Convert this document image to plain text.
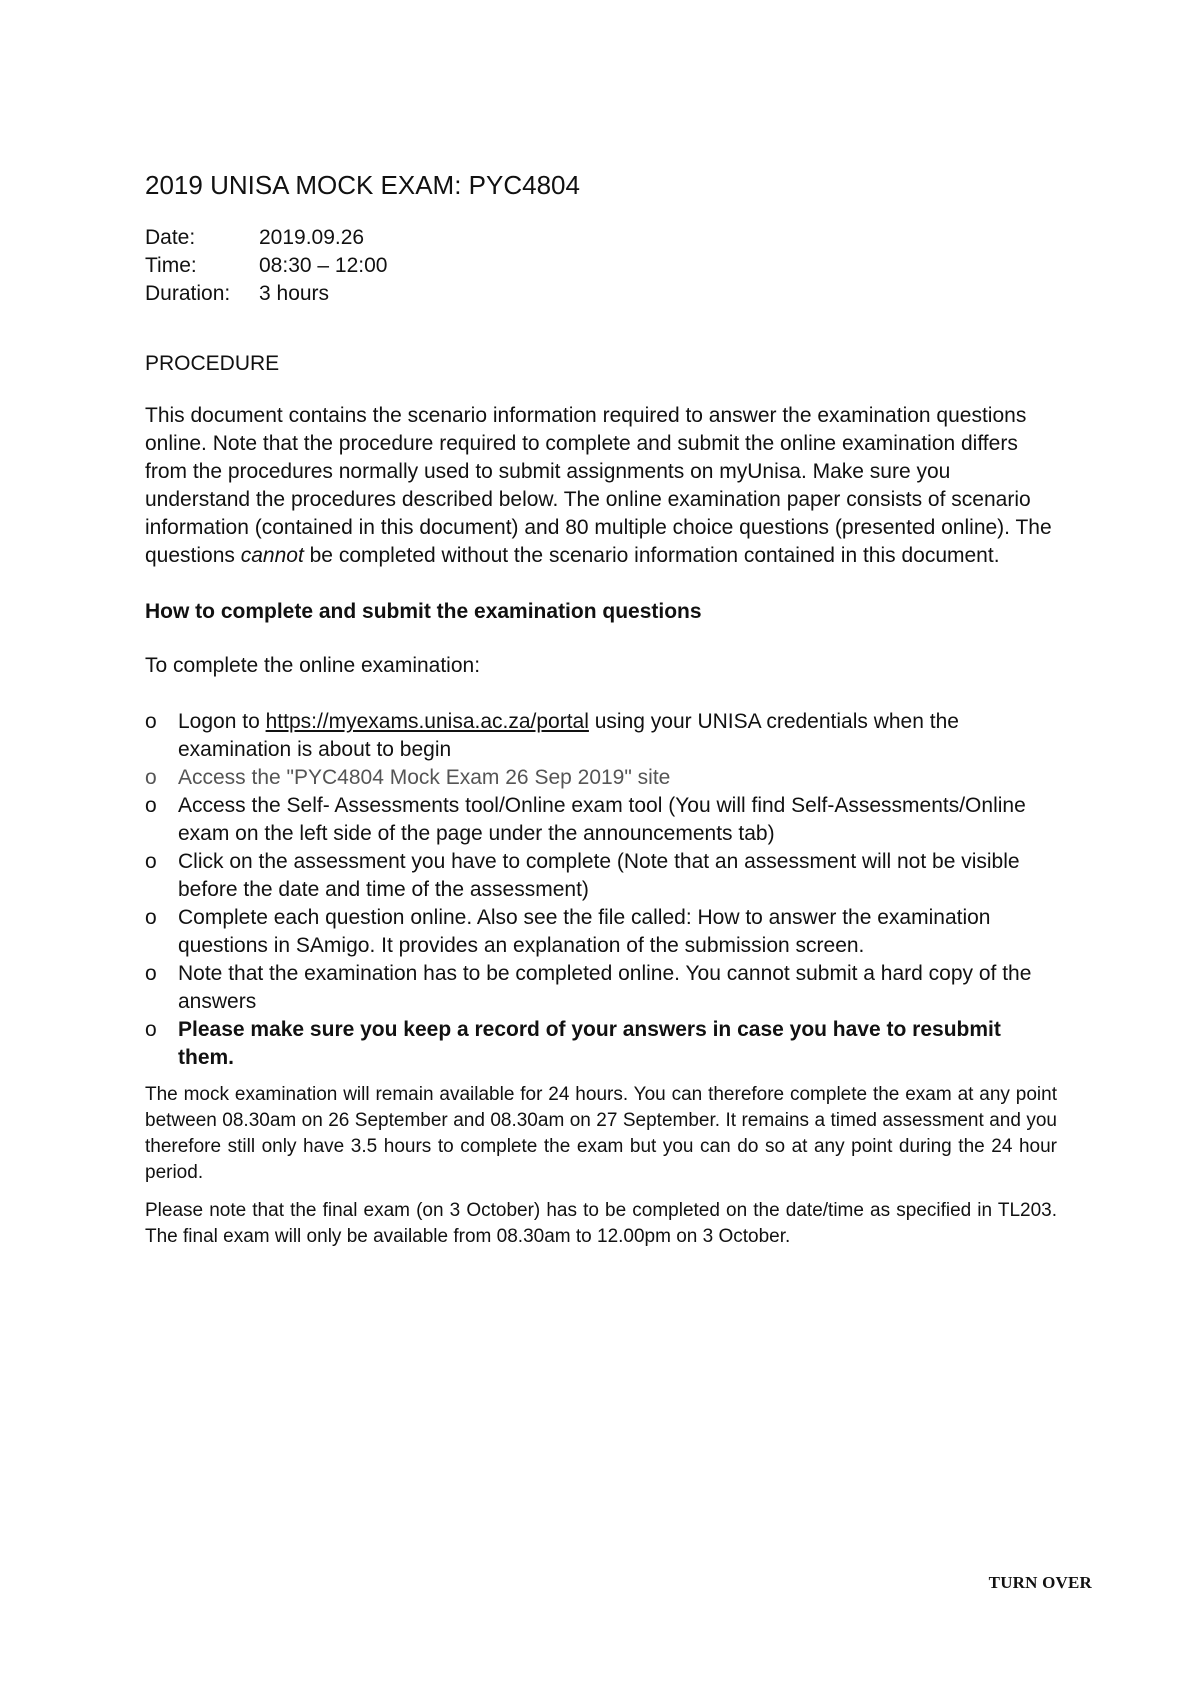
2019 UNISA MOCK EXAM: PYC4804
Date:	2019.09.26
Time:	08:30 – 12:00
Duration:	3 hours
PROCEDURE

This document contains the scenario information required to answer the examination questions online. Note that the procedure required to complete and submit the online examination differs from the procedures normally used to submit assignments on myUnisa. Make sure you understand the procedures described below. The online examination paper consists of scenario information (contained in this document) and 80 multiple choice questions (presented online). The questions cannot be completed without the scenario information contained in this document.

How to complete and submit the examination questions

To complete the online examination:

o	Logon to https://myexams.unisa.ac.za/portal using your UNISA credentials when the examination is about to begin
o	Access the "PYC4804 Mock Exam 26 Sep 2019" site
o	Access the Self- Assessments tool/Online exam tool (You will find Self-Assessments/Online exam on the left side of the page under the announcements tab)
o	Click on the assessment you have to complete (Note that an assessment will not be visible before the date and time of the assessment)
o	Complete each question online. Also see the file called: How to answer the examination questions in SAmigo. It provides an explanation of the submission screen.
o	Note that the examination has to be completed online. You cannot submit a hard copy of the answers
o	Please make sure you keep a record of your answers in case you have to resubmit them.

The mock examination will remain available for 24 hours. You can therefore complete the exam at any point between 08.30am on 26 September and 08.30am on 27 September. It remains a timed assessment and you therefore still only have 3.5 hours to complete the exam but you can do so at any point during the 24 hour period.

Please note that the final exam (on 3 October) has to be completed on the date/time as specified in TL203. The final exam will only be available from 08.30am to 12.00pm on 3 October.

TURN OVER
